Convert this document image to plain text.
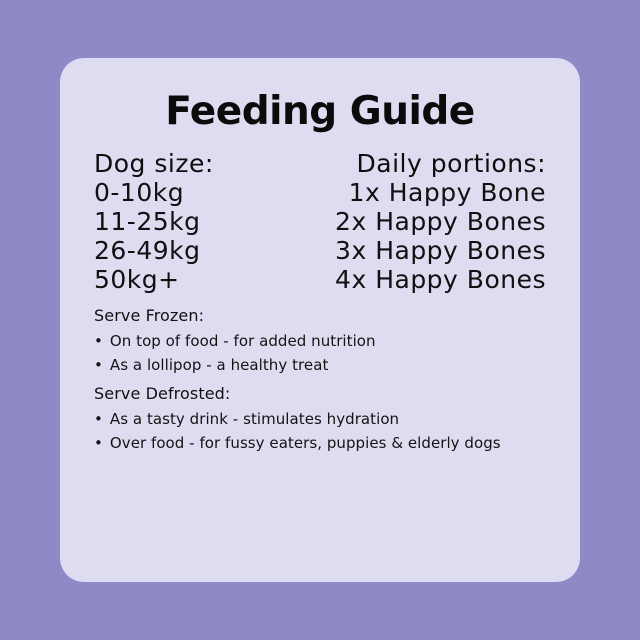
Feeding Guide
Dog size:	Daily portions:
0-10kg	1x Happy Bone
11-25kg	2x Happy Bones
26-49kg	3x Happy Bones
50kg+	4x Happy Bones
Serve Frozen:
• On top of food - for added nutrition
• As a lollipop - a healthy treat
Serve Defrosted:
• As a tasty drink - stimulates hydration
• Over food - for fussy eaters, puppies & elderly dogs
